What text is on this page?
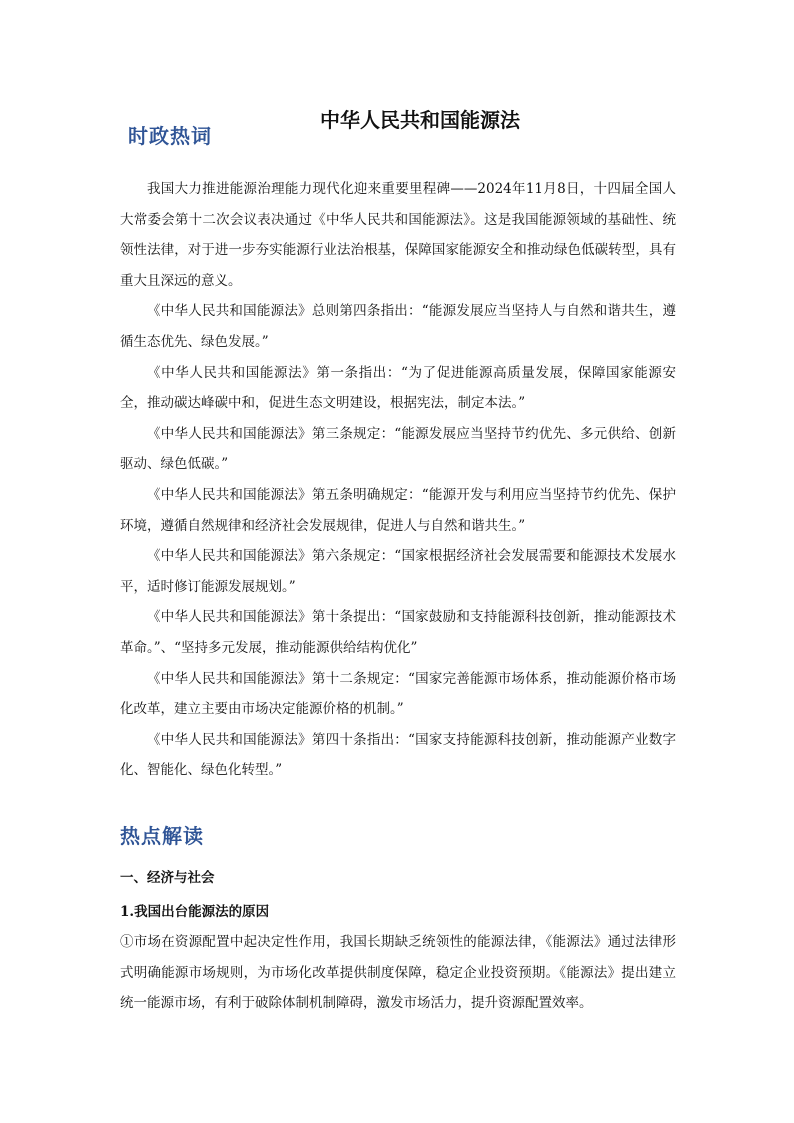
时政热词
中华人民共和国能源法

我国大力推进能源治理能力现代化迎来重要里程碑——2024年11月8日，十四届全国人大常委会第十二次会议表决通过《中华人民共和国能源法》。这是我国能源领域的基础性、统领性法律，对于进一步夯实能源行业法治根基，保障国家能源安全和推动绿色低碳转型，具有重大且深远的意义。

《中华人民共和国能源法》总则第四条指出：“能源发展应当坚持人与自然和谐共生，遵循生态优先、绿色发展。”

《中华人民共和国能源法》第一条指出：“为了促进能源高质量发展，保障国家能源安全，推动碳达峰碳中和，促进生态文明建设，根据宪法，制定本法。”

《中华人民共和国能源法》第三条规定：“能源发展应当坚持节约优先、多元供给、创新驱动、绿色低碳。”

《中华人民共和国能源法》第五条明确规定：“能源开发与利用应当坚持节约优先、保护环境，遵循自然规律和经济社会发展规律，促进人与自然和谐共生。”

《中华人民共和国能源法》第六条规定：“国家根据经济社会发展需要和能源技术发展水平，适时修订能源发展规划。”

《中华人民共和国能源法》第十条提出：“国家鼓励和支持能源科技创新，推动能源技术革命。”、“坚持多元发展，推动能源供给结构优化”

《中华人民共和国能源法》第十二条规定：“国家完善能源市场体系，推动能源价格市场化改革，建立主要由市场决定能源价格的机制。”

《中华人民共和国能源法》第四十条指出：“国家支持能源科技创新，推动能源产业数字化、智能化、绿色化转型。”

热点解读
一、经济与社会
1.我国出台能源法的原因

①市场在资源配置中起决定性作用，我国长期缺乏统领性的能源法律，《能源法》通过法律形式明确能源市场规则，为市场化改革提供制度保障，稳定企业投资预期。《能源法》提出建立统一能源市场，有利于破除体制机制障碍，激发市场活力，提升资源配置效率。
